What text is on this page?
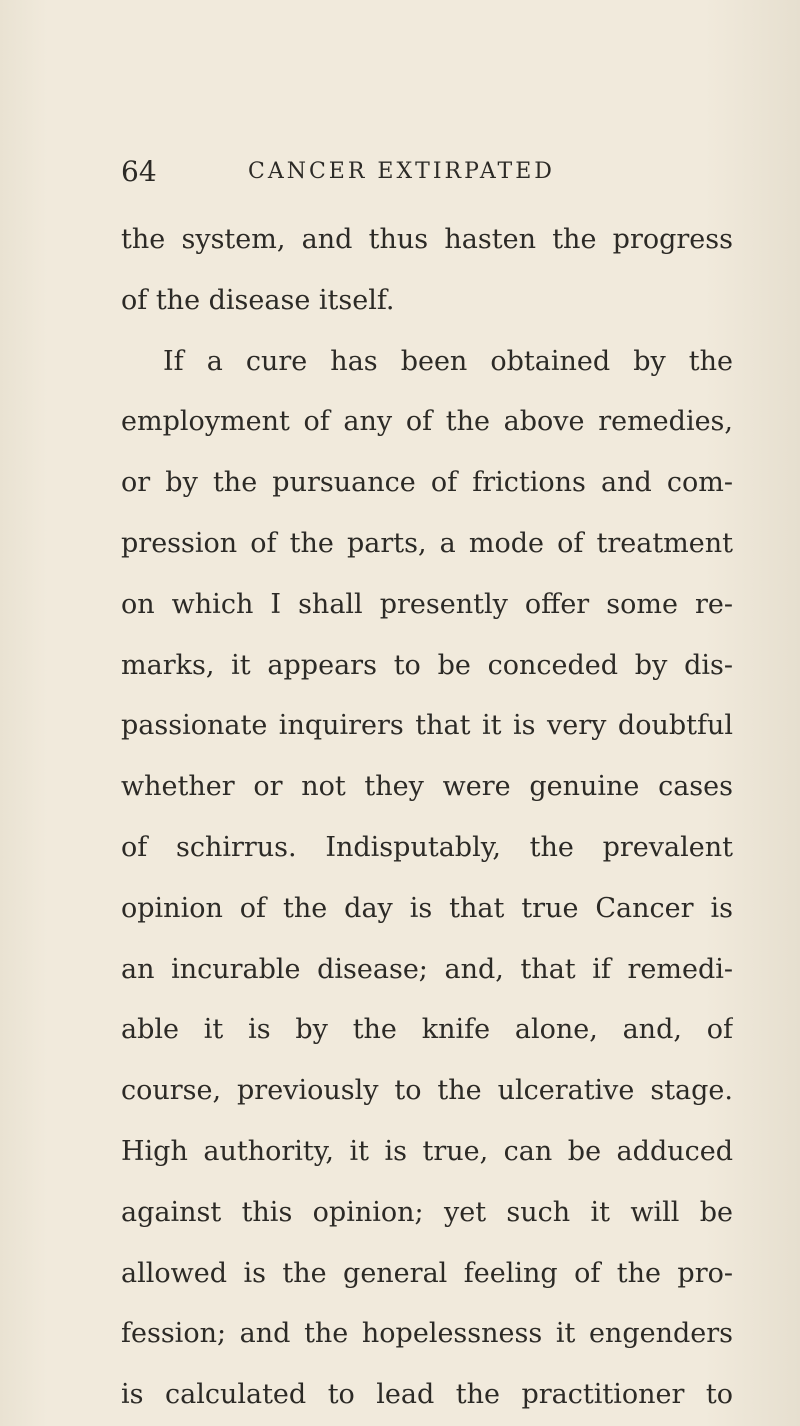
64	CANCER EXTIRPATED
the system, and thus hasten the progress
of the disease itself.
If a cure has been obtained by the
employment of any of the above remedies,
or by the pursuance of frictions and com-
pression of the parts, a mode of treatment
on which I shall presently offer some re-
marks, it appears to be conceded by dis-
passionate inquirers that it is very doubtful
whether or not they were genuine cases
of schirrus. Indisputably, the prevalent
opinion of the day is that true Cancer is
an incurable disease; and, that if remedi-
able it is by the knife alone, and, of
course, previously to the ulcerative stage.
High authority, it is true, can be adduced
against this opinion; yet such it will be
allowed is the general feeling of the pro-
fession; and the hopelessness it engenders
is calculated to lead the practitioner to
